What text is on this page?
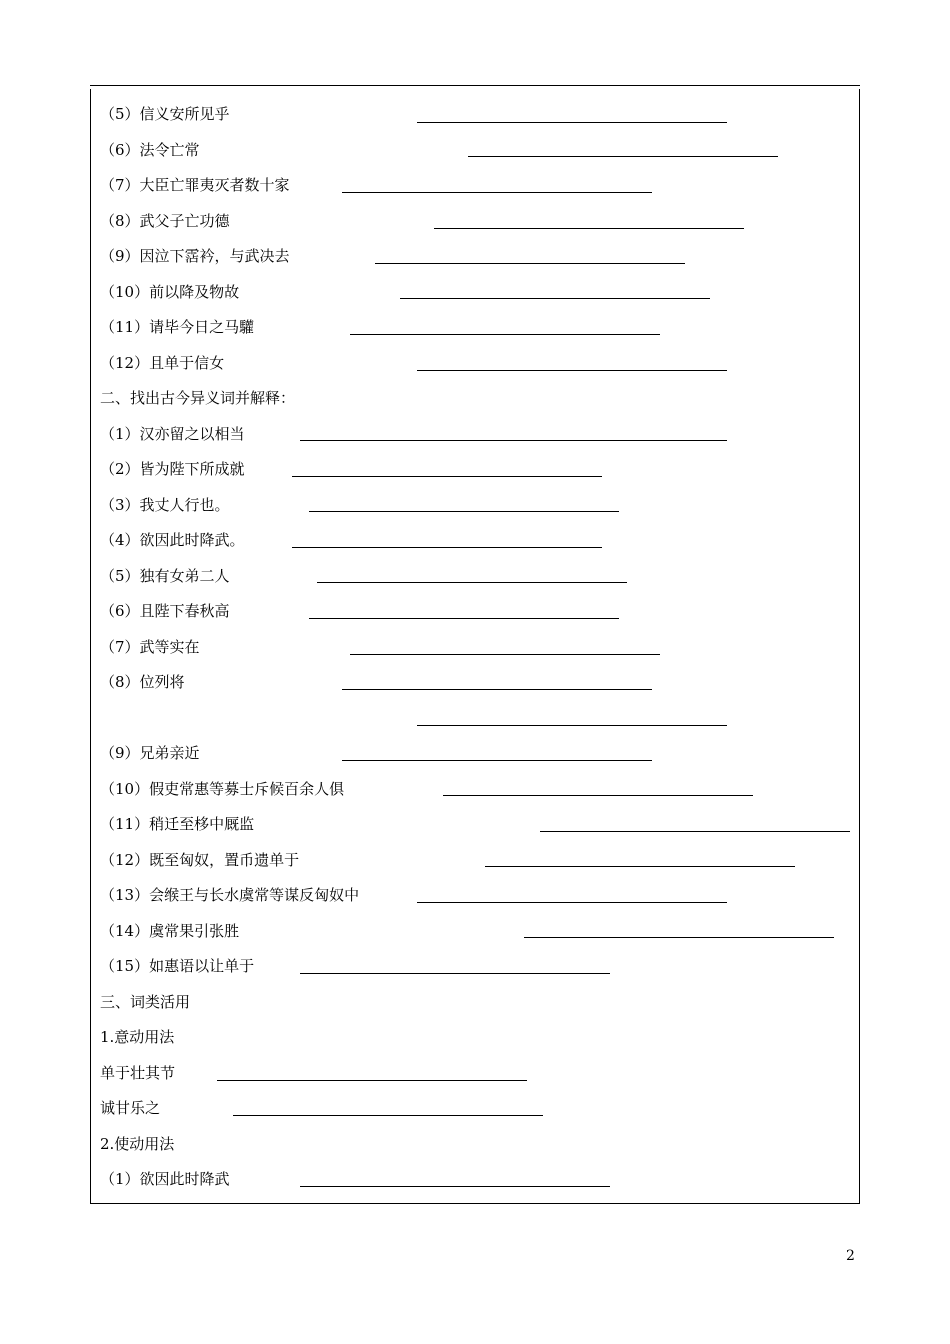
（5）信义安所见乎
（6）法令亡常
（7）大臣亡罪夷灭者数十家
（8）武父子亡功德
（9）因泣下霑衿，与武决去
（10）前以降及物故
（11）请毕今日之马驩
（12）且单于信女
二、找出古今异义词并解释：
（1）汉亦留之以相当
（2）皆为陛下所成就
（3）我丈人行也。
（4）欲因此时降武。
（5）独有女弟二人
（6）且陛下春秋高
（7）武等实在
（8）位列将
（9）兄弟亲近
（10）假吏常惠等募士斥候百余人俱
（11）稍迁至栘中厩监
（12）既至匈奴，置币遗单于
（13）会缑王与长水虞常等谋反匈奴中
（14）虞常果引张胜
（15）如惠语以让单于
三、词类活用
1.意动用法
单于壮其节
诚甘乐之
2.使动用法
（1）欲因此时降武
2
